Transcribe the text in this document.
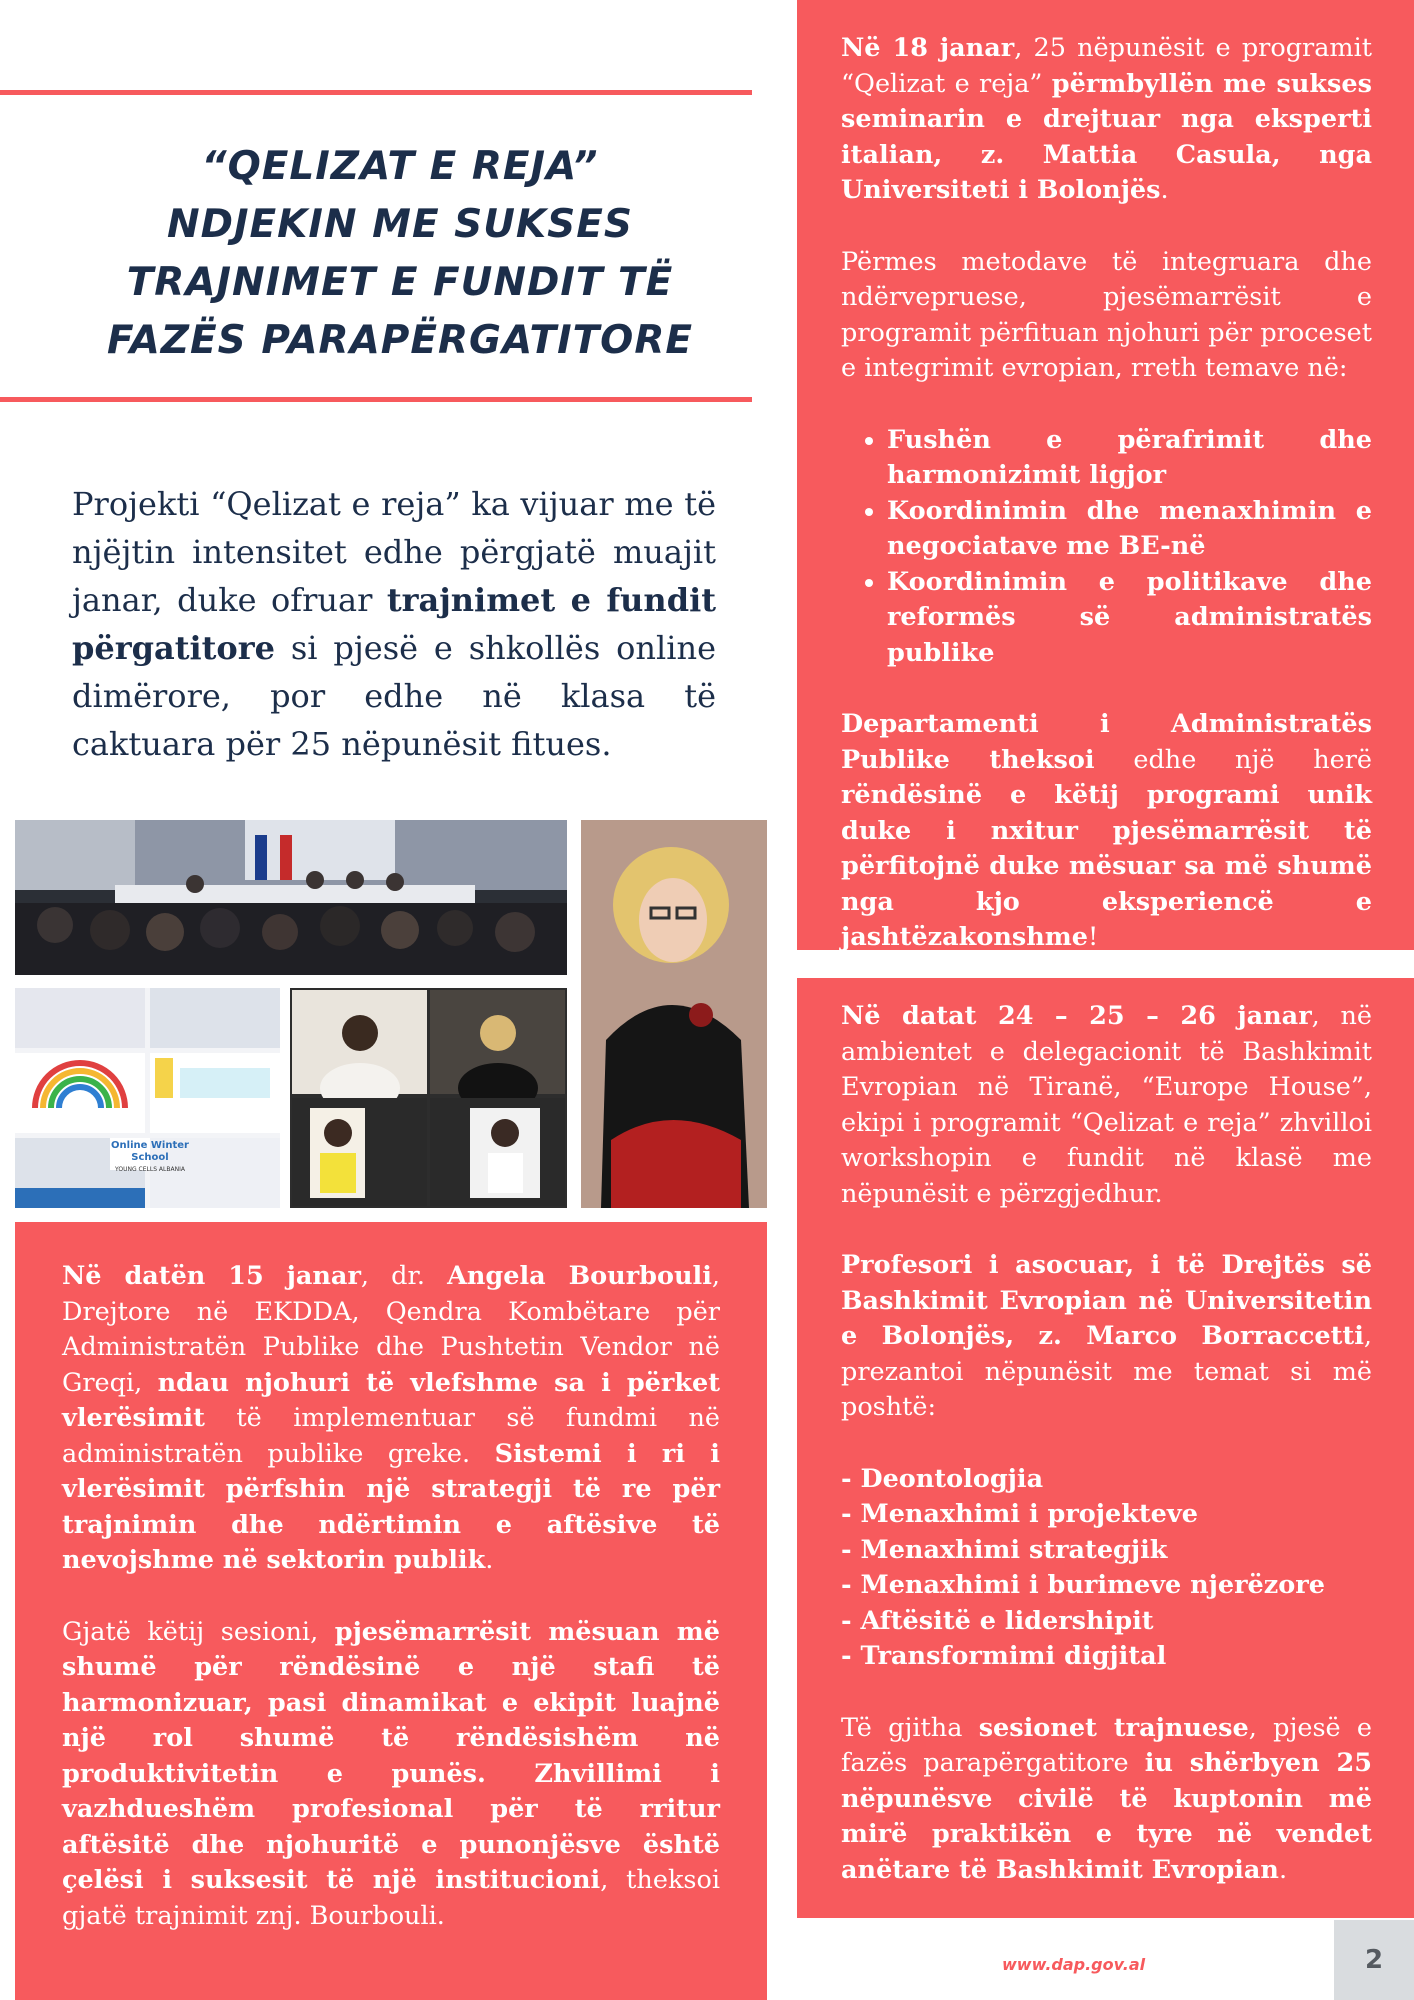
“QELIZAT E REJA”
NDJEKIN ME SUKSES
TRAJNIMET E FUNDIT TË
FAZËS PARAPËRGATITORE

Projekti “Qelizat e reja” ka vijuar me të njëjtin intensitet edhe përgjatë muajit janar, duke ofruar trajnimet e fundit përgatitore si pjesë e shkollës online dimërore, por edhe në klasa të caktuara për 25 nëpunësit fitues.

Online Winter School
YOUNG CELLS ALBANIA

Në datën 15 janar, dr. Angela Bourbouli, Drejtore në EKDDA, Qendra Kombëtare për Administratën Publike dhe Pushtetin Vendor në Greqi, ndau njohuri të vlefshme sa i përket vlerësimit të implementuar së fundmi në administratën publike greke. Sistemi i ri i vlerësimit përfshin një strategji të re për trajnimin dhe ndërtimin e aftësive të nevojshme në sektorin publik.

Gjatë këtij sesioni, pjesëmarrësit mësuan më shumë për rëndësinë e një stafi të harmonizuar, pasi dinamikat e ekipit luajnë një rol shumë të rëndësishëm në produktivitetin e punës. Zhvillimi i vazhdueshëm profesional për të rritur aftësitë dhe njohuritë e punonjësve është çelësi i suksesit të një institucioni, theksoi gjatë trajnimit znj. Bourbouli.

Në 18 janar, 25 nëpunësit e programit “Qelizat e reja” përmbyllën me sukses seminarin e drejtuar nga eksperti italian, z. Mattia Casula, nga Universiteti i Bolonjës.

Përmes metodave të integruara dhe ndërvepruese, pjesëmarrësit e programit përfituan njohuri për proceset e integrimit evropian, rreth temave në:

• Fushën e përafrimit dhe harmonizimit ligjor
• Koordinimin dhe menaxhimin e negociatave me BE-në
• Koordinimin e politikave dhe reformës së administratës publike

Departamenti i Administratës Publike theksoi edhe një herë rëndësinë e këtij programi unik duke i nxitur pjesëmarrësit të përfitojnë duke mësuar sa më shumë nga kjo eksperiencë e jashtëzakonshme!

Në datat 24 – 25 – 26 janar, në ambientet e delegacionit të Bashkimit Evropian në Tiranë, “Europe House”, ekipi i programit “Qelizat e reja” zhvilloi workshopin e fundit në klasë me nëpunësit e përzgjedhur.

Profesori i asocuar, i të Drejtës së Bashkimit Evropian në Universitetin e Bolonjës, z. Marco Borraccetti, prezantoi nëpunësit me temat si më poshtë:

- Deontologjia
- Menaxhimi i projekteve
- Menaxhimi strategjik
- Menaxhimi i burimeve njerëzore
- Aftësitë e lidershipit
- Transformimi digjital

Të gjitha sesionet trajnuese, pjesë e fazës parapërgatitore iu shërbyen 25 nëpunësve civilë të kuptonin më mirë praktikën e tyre në vendet anëtare të Bashkimit Evropian.

www.dap.gov.al	2
